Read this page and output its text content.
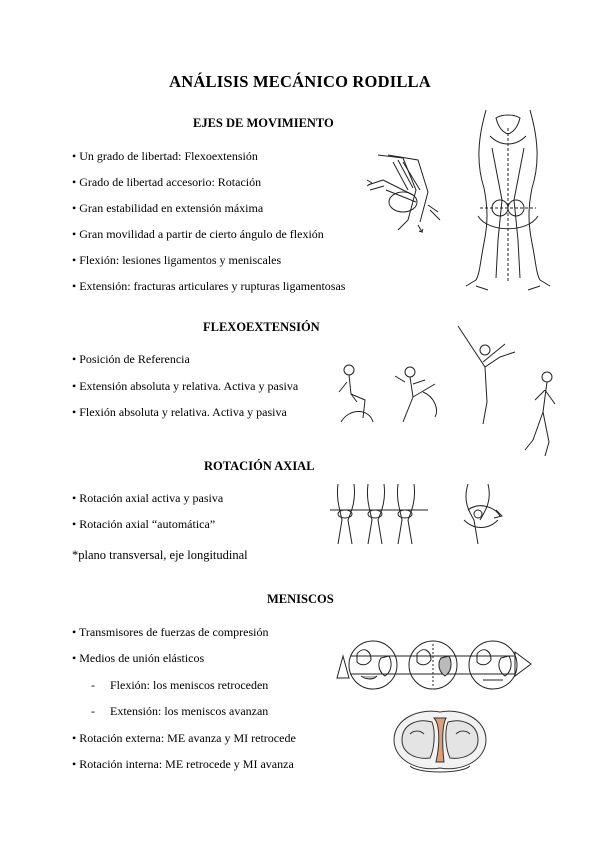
ANÁLISIS MECÁNICO RODILLA
EJES DE MOVIMIENTO
• Un grado de libertad: Flexoextensión
• Grado de libertad accesorio: Rotación
• Gran estabilidad en extensión máxima
• Gran movilidad a partir de cierto ángulo de flexión
• Flexión: lesiones ligamentos y meniscales
• Extensión: fracturas articulares y rupturas ligamentosas
FLEXOEXTENSIÓN
• Posición de Referencia
• Extensión absoluta y relativa. Activa y pasiva
• Flexión absoluta y relativa. Activa y pasiva
ROTACIÓN AXIAL
• Rotación axial activa y pasiva
• Rotación axial “automática”
*plano transversal, eje longitudinal
MENISCOS
• Transmisores de fuerzas de compresión
• Medios de unión elásticos
- Flexión: los meniscos retroceden
- Extensión: los meniscos avanzan
• Rotación externa: ME avanza y MI retrocede
• Rotación interna: ME retrocede y MI avanza
